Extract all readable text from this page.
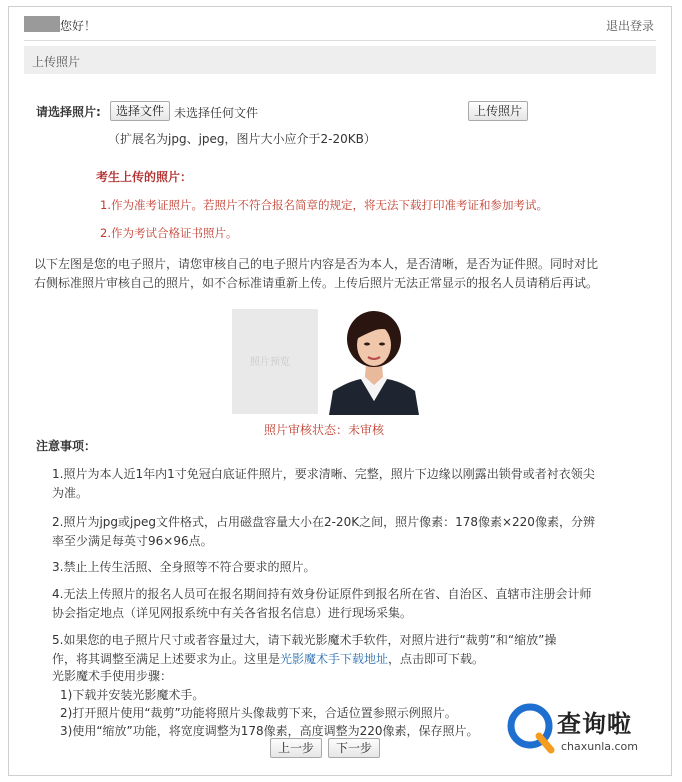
您好！	退出登录
上传照片
请选择照片:	选择文件 未选择任何文件	上传照片
（扩展名为jpg、jpeg，图片大小应介于2-20KB）
考生上传的照片：
1.作为准考证照片。若照片不符合报名简章的规定，将无法下载打印准考证和参加考试。
2.作为考试合格证书照片。
以下左图是您的电子照片，请您审核自己的电子照片内容是否为本人，是否清晰，是否为证件照。同时对比
右侧标准照片审核自己的照片，如不合标准请重新上传。上传后照片无法正常显示的报名人员请稍后再试。
照片预览
照片审核状态：未审核
注意事项：
1.照片为本人近1年内1寸免冠白底证件照片，要求清晰、完整，照片下边缘以刚露出锁骨或者衬衣领尖
为准。
2.照片为jpg或jpeg文件格式，占用磁盘容量大小在2-20K之间，照片像素：178像素×220像素，分辨
率至少满足每英寸96×96点。
3.禁止上传生活照、全身照等不符合要求的照片。
4.无法上传照片的报名人员可在报名期间持有效身份证原件到报名所在省、自治区、直辖市注册会计师
协会指定地点（详见网报系统中有关各省报名信息）进行现场采集。
5.如果您的电子照片尺寸或者容量过大，请下载光影魔术手软件，对照片进行“裁剪”和“缩放”操
作，将其调整至满足上述要求为止。这里是光影魔术手下载地址，点击即可下载。
光影魔术手使用步骤：
1)下载并安装光影魔术手。
2)打开照片使用“裁剪”功能将照片头像裁剪下来，合适位置参照示例照片。
3)使用“缩放”功能，将宽度调整为178像素，高度调整为220像素，保存照片。
上一步	下一步
查询啦
chaxunla.com
